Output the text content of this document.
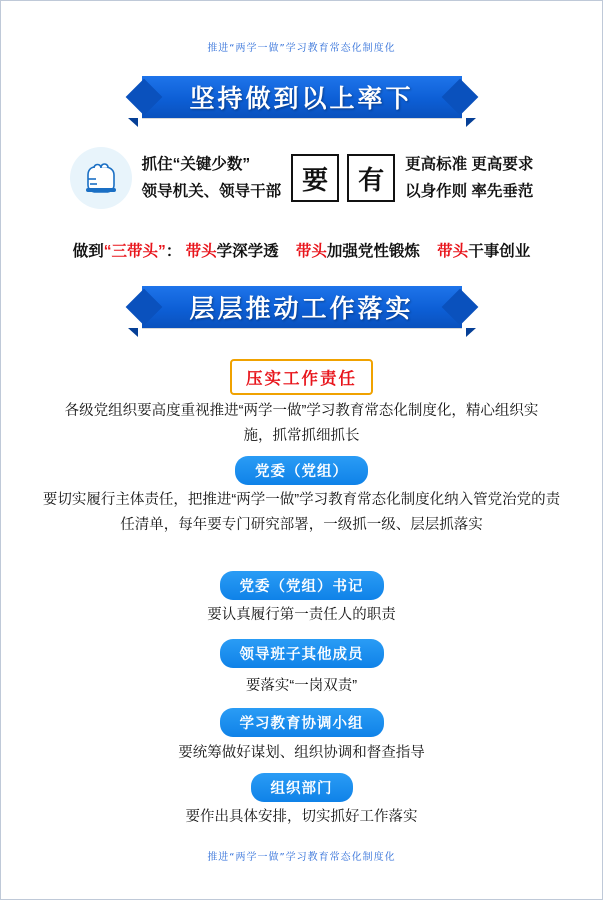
推进“两学一做”学习教育常态化制度化
坚持做到以上率下
抓住“关键少数”
领导机关、领导干部 要	有
更高标准 更高要求
以身作则 率先垂范
做到“三带头”： 带头学深学透 带头加强党性锻炼 带头干事创业
层层推动工作落实
压实工作责任
各级党组织要高度重视推进“两学一做”学习教育常态化制度化，精心组织实施，抓常抓细抓长
党委（党组）
要切实履行主体责任，把推进“两学一做”学习教育常态化制度化纳入管党治党的责任清单，每年要专门研究部署，一级抓一级、层层抓落实
党委（党组）书记
要认真履行第一责任人的职责
领导班子其他成员
要落实“一岗双责”
学习教育协调小组
要统筹做好谋划、组织协调和督查指导
组织部门
要作出具体安排，切实抓好工作落实
推进“两学一做”学习教育常态化制度化
